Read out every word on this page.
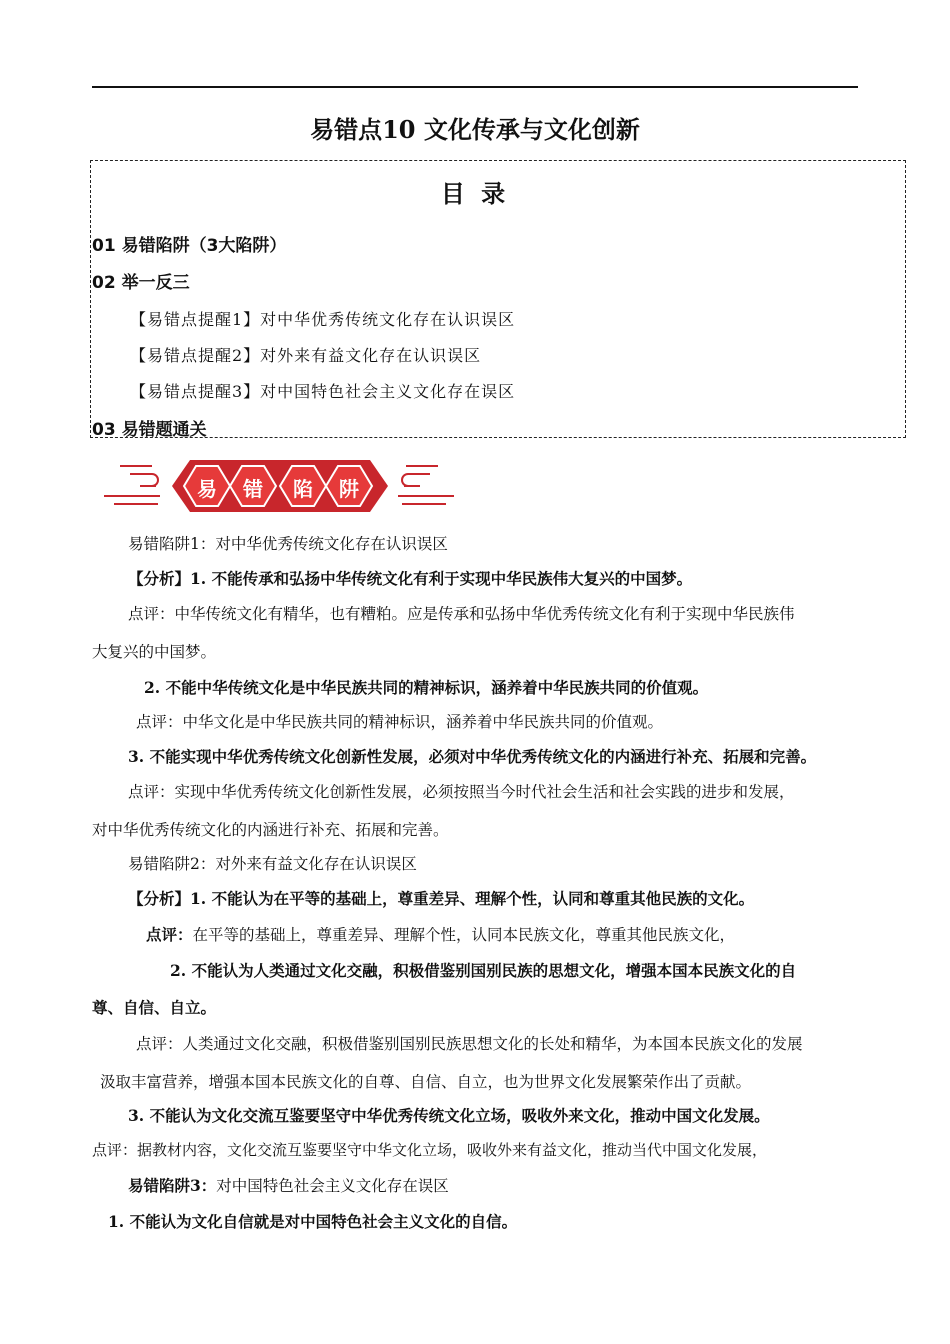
易错点10 文化传承与文化创新
目 录
01 易错陷阱（3大陷阱）
02 举一反三
【易错点提醒1】对中华优秀传统文化存在认识误区
【易错点提醒2】对外来有益文化存在认识误区
【易错点提醒3】对中国特色社会主义文化存在误区
03 易错题通关
易 错 陷 阱
易错陷阱1：对中华优秀传统文化存在认识误区
【分析】1. 不能传承和弘扬中华传统文化有利于实现中华民族伟大复兴的中国梦。
点评：中华传统文化有精华，也有糟粕。应是传承和弘扬中华优秀传统文化有利于实现中华民族伟
大复兴的中国梦。
2. 不能中华传统文化是中华民族共同的精神标识，涵养着中华民族共同的价值观。
点评：中华文化是中华民族共同的精神标识，涵养着中华民族共同的价值观。
3. 不能实现中华优秀传统文化创新性发展，必须对中华优秀传统文化的内涵进行补充、拓展和完善。
点评：实现中华优秀传统文化创新性发展，必须按照当今时代社会生活和社会实践的进步和发展，
对中华优秀传统文化的内涵进行补充、拓展和完善。
易错陷阱2：对外来有益文化存在认识误区
【分析】1. 不能认为在平等的基础上，尊重差异、理解个性，认同和尊重其他民族的文化。
点评：在平等的基础上，尊重差异、理解个性，认同本民族文化，尊重其他民族文化，
2. 不能认为人类通过文化交融，积极借鉴别国别民族的思想文化，增强本国本民族文化的自
尊、自信、自立。
点评：人类通过文化交融，积极借鉴别国别民族思想文化的长处和精华，为本国本民族文化的发展
汲取丰富营养，增强本国本民族文化的自尊、自信、自立，也为世界文化发展繁荣作出了贡献。
3. 不能认为文化交流互鉴要坚守中华优秀传统文化立场，吸收外来文化，推动中国文化发展。
点评：据教材内容，文化交流互鉴要坚守中华文化立场，吸收外来有益文化，推动当代中国文化发展，
易错陷阱3：对中国特色社会主义文化存在误区
1. 不能认为文化自信就是对中国特色社会主义文化的自信。
